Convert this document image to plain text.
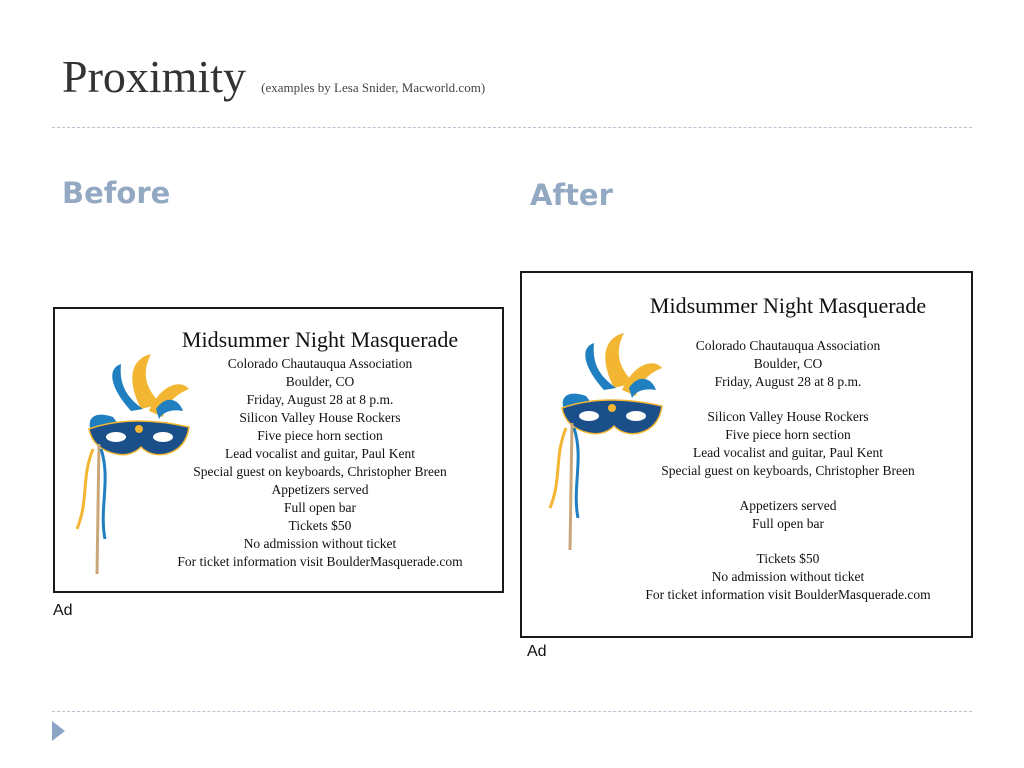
Proximity (examples by Lesa Snider, Macworld.com)
Before	After
Midsummer Night Masquerade
Colorado Chautauqua Association
Boulder, CO
Friday, August 28 at 8 p.m.
Silicon Valley House Rockers
Five piece horn section
Lead vocalist and guitar, Paul Kent
Special guest on keyboards, Christopher Breen
Appetizers served
Full open bar
Tickets $50
No admission without ticket
For ticket information visit BoulderMasquerade.com
Ad
Midsummer Night Masquerade
Colorado Chautauqua Association
Boulder, CO
Friday, August 28 at 8 p.m.
Silicon Valley House Rockers
Five piece horn section
Lead vocalist and guitar, Paul Kent
Special guest on keyboards, Christopher Breen
Appetizers served
Full open bar
Tickets $50
No admission without ticket
For ticket information visit BoulderMasquerade.com
Ad
